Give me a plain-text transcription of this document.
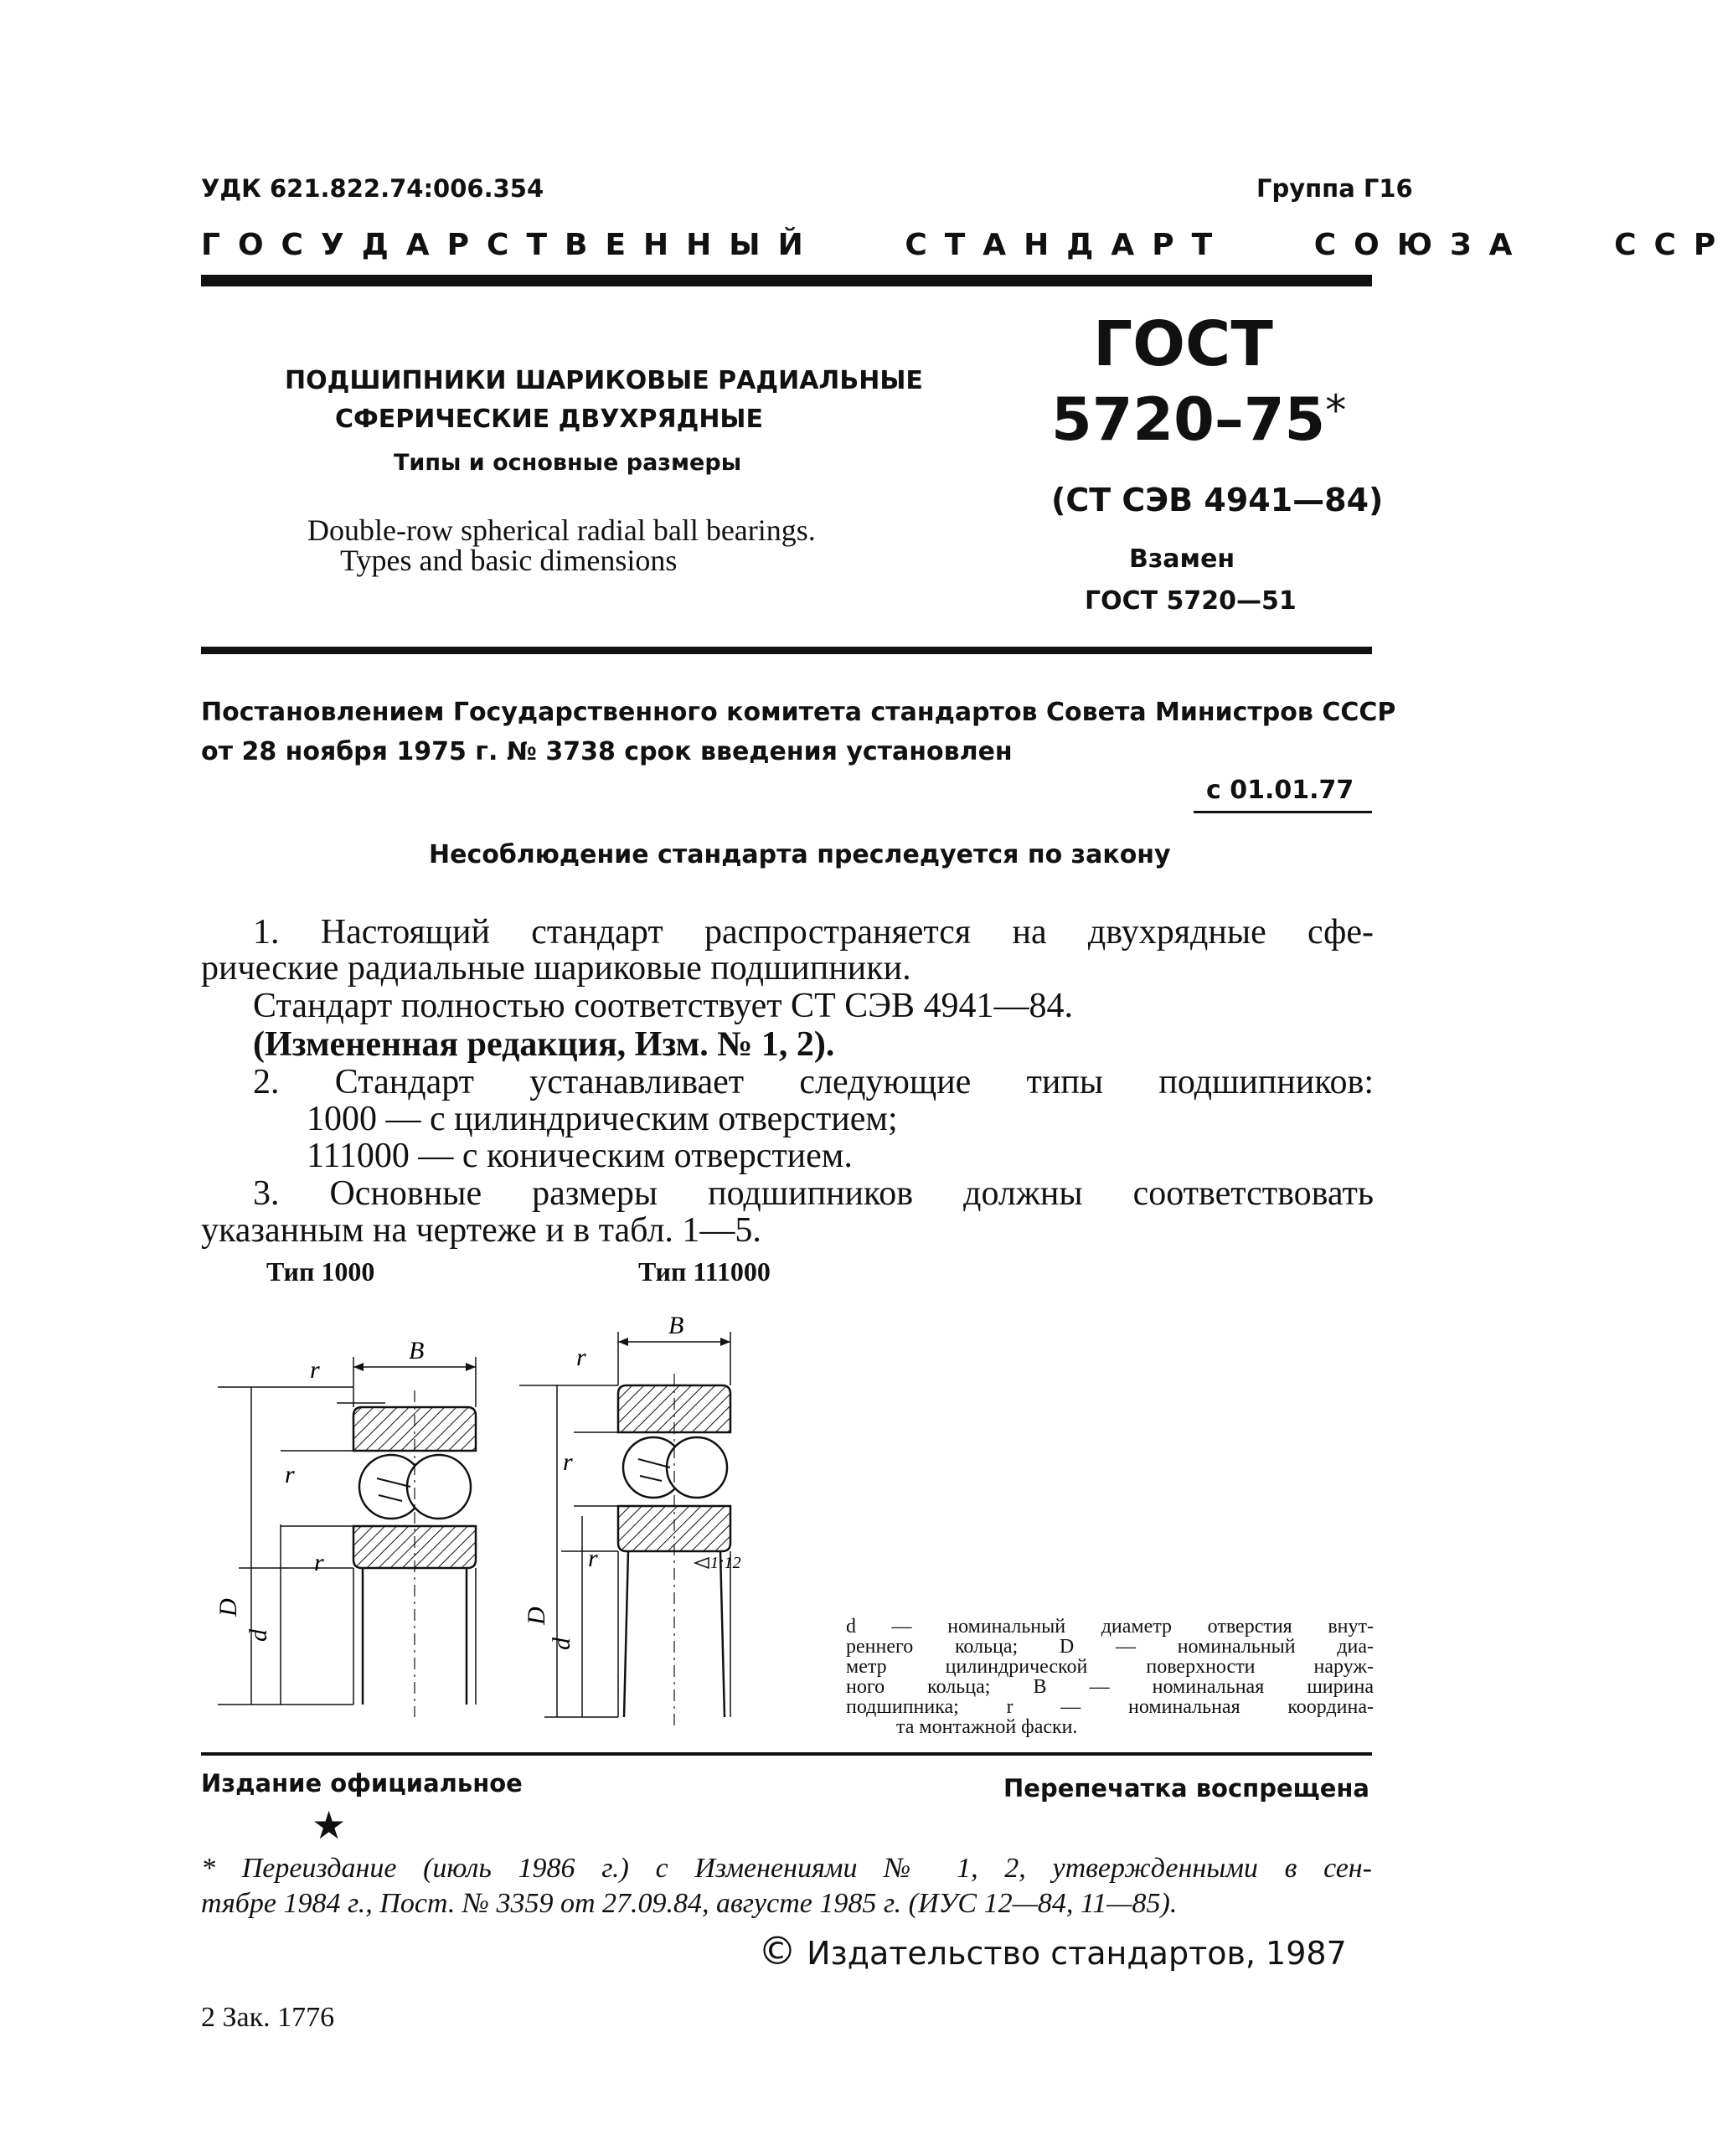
УДК 621.822.74:006.354	Группа Г16
ГОСУДАРСТВЕННЫЙ   СТАНДАРТ   СОЮЗА   ССР
ПОДШИПНИКИ ШАРИКОВЫЕ РАДИАЛЬНЫЕ
СФЕРИЧЕСКИЕ ДВУХРЯДНЫЕ
Типы и основные размеры
Double-row spherical radial ball bearings.
Types and basic dimensions
ГОСТ
5720–75*
(СТ СЭВ 4941—84)
Взамен
ГОСТ 5720—51
Постановлением Государственного комитета стандартов Совета Министров СССР
от 28 ноября 1975 г. № 3738 срок введения установлен
с 01.01.77
Несоблюдение стандарта преследуется по закону
1. Настоящий стандарт распространяется на двухрядные сфе-
рические радиальные шариковые подшипники.
Стандарт полностью соответствует СТ СЭВ 4941—84.
(Измененная редакция, Изм. № 1, 2).
2. Стандарт устанавливает следующие типы подшипников:
1000 — с цилиндрическим отверстием;
111000 — с коническим отверстием.
3. Основные размеры подшипников должны соответствовать
указанным на чертеже и в табл. 1—5.
Тип 1000	Тип 111000
B
r
r
r
D
d
B
r
r
r
D
d
1:12
d — номинальный диаметр отверстия внут-
реннего кольца; D — номинальный диа-
метр цилиндрической поверхности наруж-
ного кольца; B — номинальная ширина
подшипника; r — номинальная координа-
та монтажной фаски.
Издание официальное	Перепечатка воспрещена
★
* Переиздание (июль 1986 г.) с Изменениями № 1, 2, утвержденными в сен-
тябре 1984 г., Пост. № 3359 от 27.09.84, августе 1985 г. (ИУС 12—84, 11—85).
© Издательство стандартов, 1987
2 Зак. 1776
